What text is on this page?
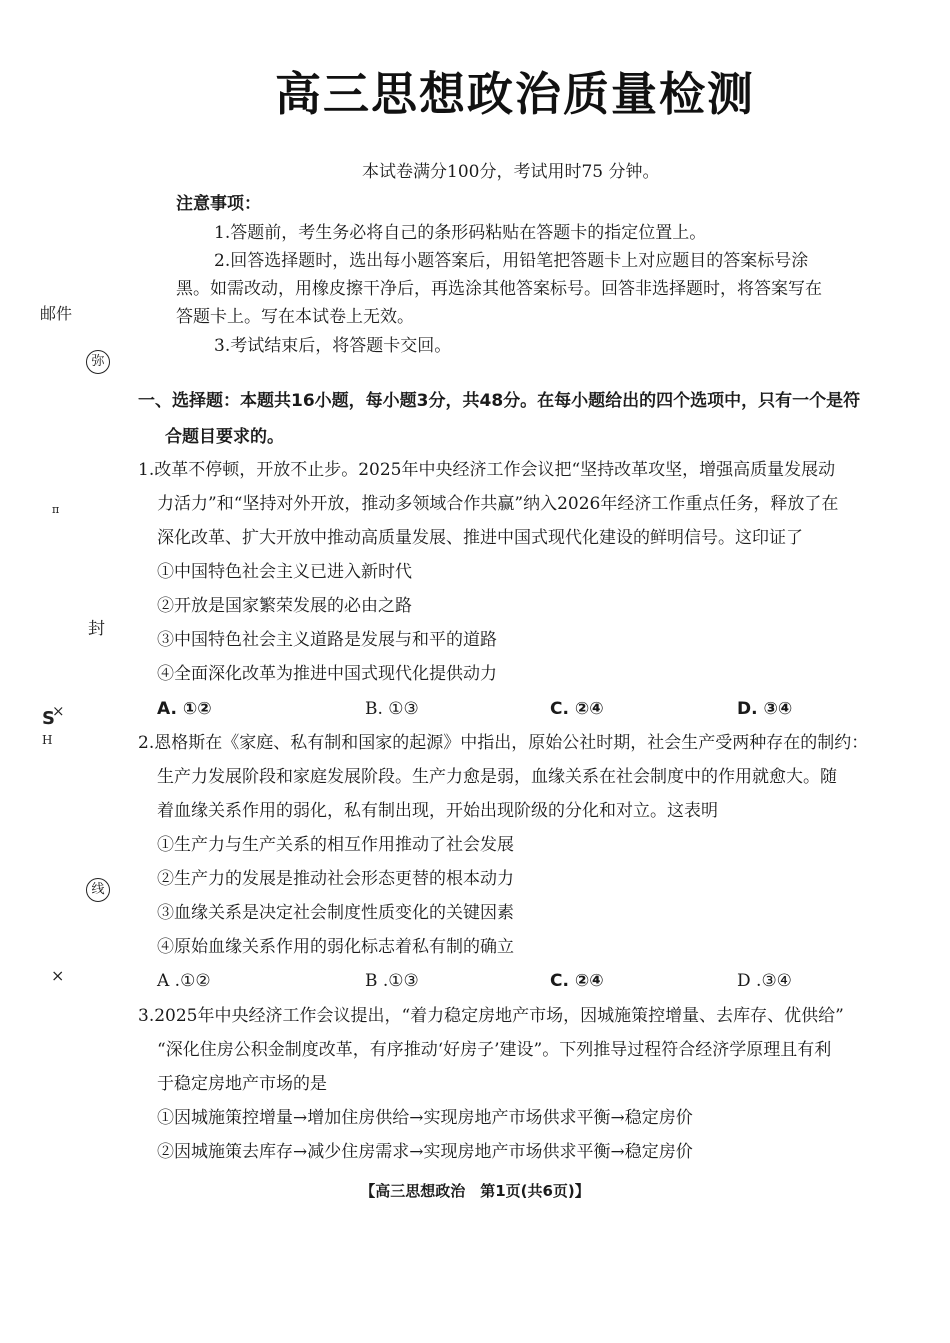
高三思想政治质量检测
本试卷满分100分，考试用时75 分钟。
注意事项：
1.答题前，考生务必将自己的条形码粘贴在答题卡的指定位置上。
2.回答选择题时，选出每小题答案后，用铅笔把答题卡上对应题目的答案标号涂
黑。如需改动，用橡皮擦干净后，再选涂其他答案标号。回答非选择题时，将答案写在
答题卡上。写在本试卷上无效。
3.考试结束后，将答题卡交回。
邮件
弥
π
封
S
×
H
线
×
一、选择题：本题共16小题，每小题3分，共48分。在每小题给出的四个选项中，只有一个是符
合题目要求的。
1.改革不停顿，开放不止步。2025年中央经济工作会议把“坚持改革攻坚，增强高质量发展动
力活力”和“坚持对外开放，推动多领域合作共赢”纳入2026年经济工作重点任务，释放了在
深化改革、扩大开放中推动高质量发展、推进中国式现代化建设的鲜明信号。这印证了
①中国特色社会主义已进入新时代
②开放是国家繁荣发展的必由之路
③中国特色社会主义道路是发展与和平的道路
④全面深化改革为推进中国式现代化提供动力
A. ①②	B. ①③	C. ②④	D. ③④
2.恩格斯在《家庭、私有制和国家的起源》中指出，原始公社时期，社会生产受两种存在的制约：
生产力发展阶段和家庭发展阶段。生产力愈是弱，血缘关系在社会制度中的作用就愈大。随
着血缘关系作用的弱化，私有制出现，开始出现阶级的分化和对立。这表明
①生产力与生产关系的相互作用推动了社会发展
②生产力的发展是推动社会形态更替的根本动力
③血缘关系是决定社会制度性质变化的关键因素
④原始血缘关系作用的弱化标志着私有制的确立
A .①②	B .①③	C. ②④	D .③④
3.2025年中央经济工作会议提出，“着力稳定房地产市场，因城施策控增量、去库存、优供给”
“深化住房公积金制度改革，有序推动‘好房子’建设”。下列推导过程符合经济学原理且有利
于稳定房地产市场的是
①因城施策控增量→增加住房供给→实现房地产市场供求平衡→稳定房价
②因城施策去库存→减少住房需求→实现房地产市场供求平衡→稳定房价
【高三思想政治　第1页(共6页)】
